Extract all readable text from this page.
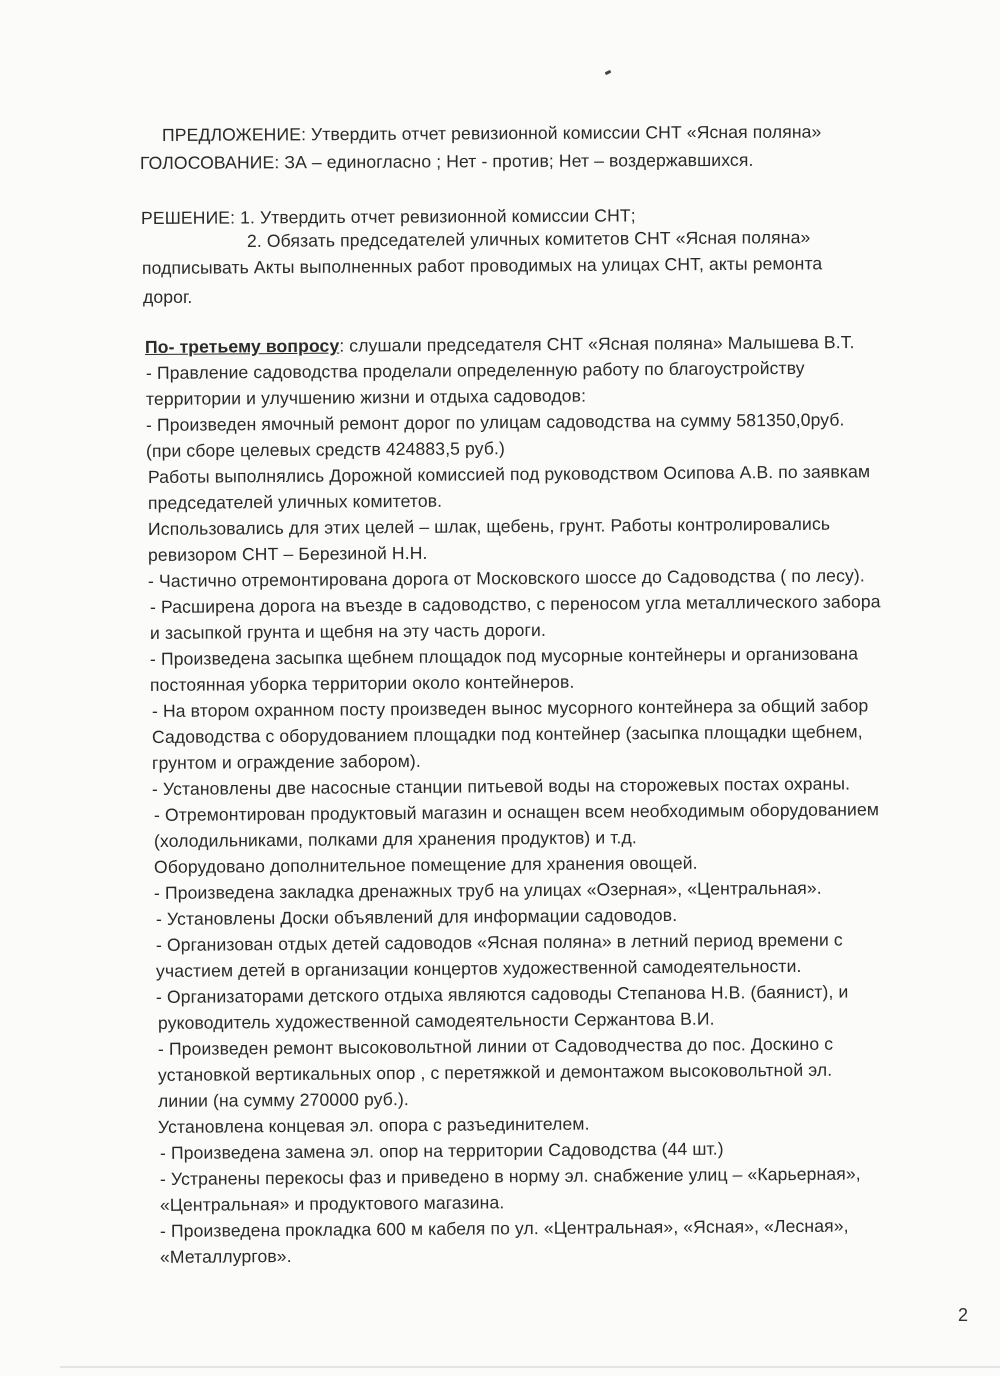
ПРЕДЛОЖЕНИЕ: Утвердить отчет ревизионной комиссии СНТ «Ясная поляна»
ГОЛОСОВАНИЕ: ЗА – единогласно ; Нет - против; Нет – воздержавшихся.
РЕШЕНИЕ: 1. Утвердить отчет ревизионной комиссии СНТ;
2. Обязать председателей уличных комитетов СНТ «Ясная поляна»
подписывать Акты выполненных работ проводимых на улицах СНТ, акты ремонта
дорог.
По- третьему вопросу: слушали председателя СНТ «Ясная поляна» Малышева В.Т.
- Правление садоводства проделали определенную работу по благоустройству
территории и улучшению жизни и отдыха садоводов:
- Произведен ямочный ремонт дорог по улицам садоводства на сумму 581350,0руб.
(при сборе целевых средств 424883,5 руб.)
Работы выполнялись Дорожной комиссией под руководством Осипова А.В. по заявкам
председателей уличных комитетов.
Использовались для этих целей – шлак, щебень, грунт. Работы контролировались
ревизором СНТ – Березиной Н.Н.
- Частично отремонтирована дорога от Московского шоссе до Садоводства ( по лесу).
- Расширена дорога на въезде в садоводство, с переносом угла металлического забора
и засыпкой грунта и щебня на эту часть дороги.
- Произведена засыпка щебнем площадок под мусорные контейнеры и организована
постоянная уборка территории около контейнеров.
- На втором охранном посту произведен вынос мусорного контейнера за общий забор
Садоводства с оборудованием площадки под контейнер (засыпка площадки щебнем,
грунтом и ограждение забором).
- Установлены две насосные станции питьевой воды на сторожевых постах охраны.
- Отремонтирован продуктовый магазин и оснащен всем необходимым оборудованием
(холодильниками, полками для хранения продуктов) и т.д.
Оборудовано дополнительное помещение для хранения овощей.
- Произведена закладка дренажных труб на улицах «Озерная», «Центральная».
- Установлены Доски объявлений для информации садоводов.
- Организован отдых детей садоводов «Ясная поляна» в летний период времени с
участием детей в организации концертов художественной самодеятельности.
- Организаторами детского отдыха являются садоводы Степанова Н.В. (баянист), и
руководитель художественной самодеятельности Сержантова В.И.
- Произведен ремонт высоковольтной линии от Садоводчества до пос. Доскино с
установкой вертикальных опор , с перетяжкой и демонтажом высоковольтной эл.
линии (на сумму 270000 руб.).
Установлена концевая эл. опора с разъединителем.
- Произведена замена эл. опор на территории Садоводства (44 шт.)
- Устранены перекосы фаз и приведено в норму эл. снабжение улиц – «Карьерная»,
«Центральная» и продуктового магазина.
- Произведена прокладка 600 м кабеля по ул. «Центральная», «Ясная», «Лесная»,
«Металлургов».
2
